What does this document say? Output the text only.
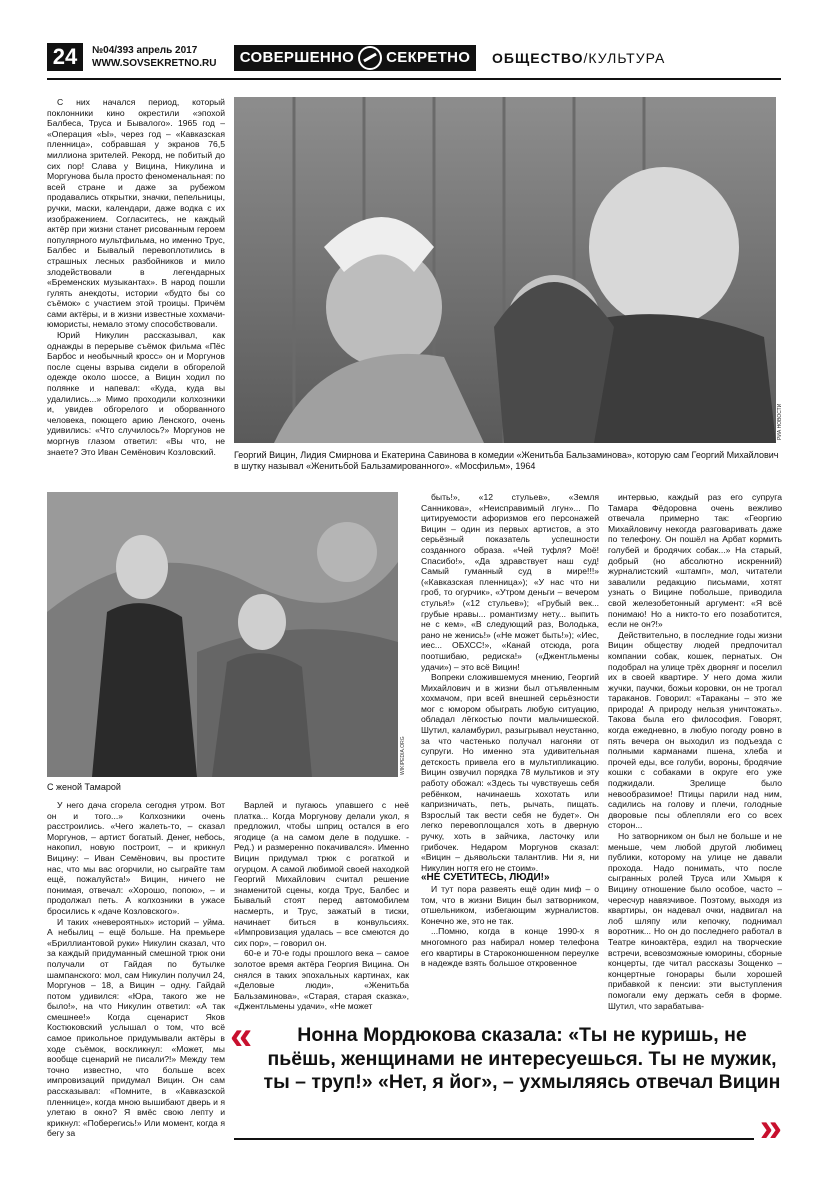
24	№04/393 апрель 2017
WWW.SOVSEKRETNO.RU СОВЕРШЕННО СЕКРЕТНО ОБЩЕСТВО/КУЛЬТУРА

С них начался период, который поклонники кино окрестили «эпохой Балбеса, Труса и Бывалого». 1965 год – «Операция «Ы», через год – «Кавказская пленница», собравшая у экранов 76,5 миллиона зрителей. Рекорд, не побитый до сих пор! Слава у Вицина, Никулина и Моргунова была просто феноменальная: по всей стране и даже за рубежом продавались открытки, значки, пепельницы, ручки, маски, календари, даже водка с их изображением. Согласитесь, не каждый актёр при жизни станет рисованным героем популярного мультфильма, но именно Трус, Балбес и Бывалый перевоплотились в страшных лесных разбойников и мило злодействовали в легендарных «Бременских музыкантах». В народ пошли гулять анекдоты, истории «будто бы со съёмок» с участием этой троицы. Причём сами актёры, и в жизни известные хохмачи-юмористы, немало этому способствовали.

Юрий Никулин рассказывал, как однажды в перерыве съёмок фильма «Пёс Барбос и необычный кросс» он и Моргунов после сцены взрыва сидели в обгорелой одежде около шоссе, а Вицин ходил по полянке и напевал: «Куда, куда вы удалились...» Мимо проходили колхозники и, увидев обгорелого и оборванного человека, поющего арию Ленского, очень удивились: «Что случилось?» Моргунов не моргнув глазом ответил: «Вы что, не знаете? Это Иван Семёнович Козловский.

РИА НОВОСТИ
Георгий Вицин, Лидия Смирнова и Екатерина Савинова в комедии «Женитьба Бальзаминова», которую сам Георгий Михайлович в шутку называл «Женитьбой Бальзамированного». «Мосфильм», 1964
WIKIPEDIA.ORG
С женой Тамарой

У него дача сгорела сегодня утром. Вот он и того...» Колхозники очень расстроились. «Чего жалеть-то, – сказал Моргунов, – артист богатый. Денег, небось, накопил, новую построит, – и крикнул Вицину: – Иван Семёнович, вы простите нас, что мы вас огорчили, но сыграйте там ещё, пожалуйста!» Вицин, ничего не понимая, отвечал: «Хорошо, попою», – и продолжал петь. А колхозники в ужасе бросились к «даче Козловского».

И таких «невероятных» историй – уйма. А небылиц – ещё больше. На премьере «Бриллиантовой руки» Никулин сказал, что за каждый придуманный смешной трюк они получали от Гайдая по бутылке шампанского: мол, сам Никулин получил 24, Моргунов – 18, а Вицин – одну. Гайдай потом удивился: «Юра, такого же не было!», на что Никулин ответил: «А так смешнее!» Когда сценарист Яков Костюковский услышал о том, что всё самое прикольное придумывали актёры в ходе съёмок, воскликнул: «Может, мы вообще сценарий не писали?!» Между тем точно известно, что больше всех импровизаций придумал Вицин. Он сам рассказывал: «Помните, в «Кавказской пленнице», когда мною вышибают дверь и я улетаю в окно? Я вмёс свою лепту и крикнул: «Поберегись!» Или момент, когда я бегу за

Варлей и пугаюсь упавшего с неё платка... Когда Моргунову делали укол, я предложил, чтобы шприц остался в его ягодице (а на самом деле в подушке. - Ред.) и размеренно покачивался». Именно Вицин придумал трюк с рогаткой и огурцом. А самой любимой своей находкой Георгий Михайлович считал решение знаменитой сцены, когда Трус, Балбес и Бывалый стоят перед автомобилем насмерть, и Трус, зажатый в тиски, начинает биться в конвульсиях. «Импровизация удалась – все смеются до сих пор», – говорил он.

60-е и 70-е годы прошлого века – самое золотое время актёра Георгия Вицина. Он снялся в таких эпохальных картинах, как «Деловые люди», «Женитьба Бальзаминова», «Старая, старая сказка», «Джентльмены удачи», «Не может

быть!», «12 стульев», «Земля Санникова», «Неисправимый лгун»... По цитируемости афоризмов его персонажей Вицин – один из первых артистов, а это серьёзный показатель успешности созданного образа. «Чей туфля? Моё! Спасибо!», «Да здравствует наш суд! Самый гуманный суд в мире!!!» («Кавказская пленница»); «У нас что ни гроб, то огурчик», «Утром деньги – вечером стулья!» («12 стульев»); «Грубый век... грубые нравы... романтизму нету... выпить не с кем», «В следующий раз, Володька, рано не женись!» («Не может быть!»); «Иес, иес... ОБХСС!», «Канай отсюда, рога поотшибаю, редиска!» («Джентльмены удачи») – это всё Вицин!

Вопреки сложившемуся мнению, Георгий Михайлович и в жизни был отъявленным хохмачом, при всей внешней серьёзности мог с юмором обыграть любую ситуацию, обладал лёгкостью почти мальчишеской. Шутил, каламбурил, разыгрывал неустанно, за что частенько получал нагоняи от супруги. Но именно эта удивительная детскость привела его в мультипликацию. Вицин озвучил порядка 78 мультиков и эту работу обожал: «Здесь ты чувствуешь себя ребёнком, начинаешь хохотать или капризничать, петь, рычать, пищать. Взрослый так вести себя не будет». Он легко перевоплощался хоть в дверную ручку, хоть в зайчика, ласточку или грибочек. Недаром Моргунов сказал: «Вицин – дьявольски талантлив. Ни я, ни Никулин ногтя его не стоим».

«НЕ СУЕТИТЕСЬ, ЛЮДИ!»

И тут пора развеять ещё один миф – о том, что в жизни Вицин был затворником, отшельником, избегающим журналистов. Конечно же, это не так.

...Помню, когда в конце 1990-х я многомного раз набирал номер телефона его квартиры в Староконюшенном переулке в надежде взять большое откровенное

интервью, каждый раз его супруга Тамара Фёдоровна очень вежливо отвечала примерно так: «Георгию Михайловичу некогда разговаривать даже по телефону. Он пошёл на Арбат кормить голубей и бродячих собак...» На старый, добрый (но абсолютно искренний) журналистский «штамп», мол, читатели завалили редакцию письмами, хотят узнать о Вицине побольше, приводила свой железобетонный аргумент: «Я всё понимаю! Но а никто-то его позаботится, если не он?!»

Действительно, в последние годы жизни Вицин обществу людей предпочитал компании собак, кошек, пернатых. Он подобрал на улице трёх дворняг и поселил их в своей квартире. У него дома жили жучки, паучки, божьи коровки, он не трогал тараканов. Говорил: «Тараканы – это же природа! А природу нельзя уничтожать». Такова была его философия. Говорят, когда ежедневно, в любую погоду ровно в пять вечера он выходил из подъезда с полными карманами пшена, хлеба и прочей еды, все голуби, вороны, бродячие кошки с собаками в округе его уже поджидали. Зрелище было невообразимое! Птицы парили над ним, садились на голову и плечи, голодные дворовые псы облепляли его со всех сторон...

Но затворником он был не больше и не меньше, чем любой другой любимец публики, которому на улице не давали прохода. Надо понимать, что после сыгранных ролей Труса или Хмыря к Вицину отношение было особое, часто – чересчур навязчивое. Поэтому, выходя из квартиры, он надевал очки, надвигал на лоб шляпу или кепочку, поднимал воротник... Но он до последнего работал в Театре киноактёра, ездил на творческие встречи, всевозможные юморины, сборные концерты, где читал рассказы Зощенко – концертные гонорары были хорошей прибавкой к пенсии: эти выступления помогали ему держать себя в форме. Шутил, что зарабатыва-

«	Нонна Мордюкова сказала: «Ты не куришь, не пьёшь, женщинами не интересуешься. Ты не мужик, ты – труп!» «Нет, я йог», – ухмыляясь отвечал Вицин
»
